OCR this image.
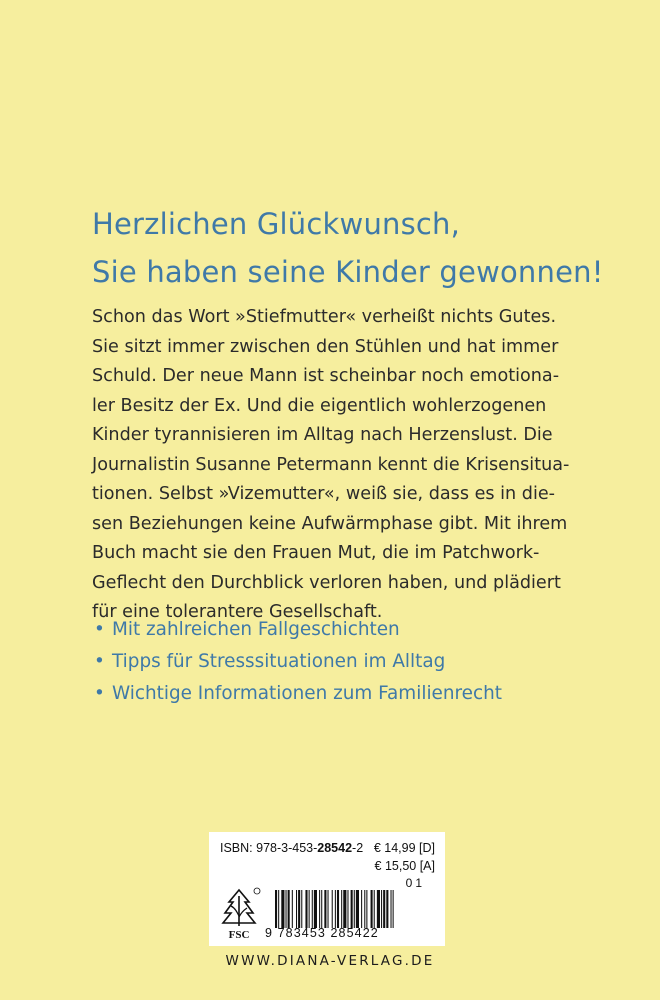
Herzlichen Glückwunsch,
Sie haben seine Kinder gewonnen!
Schon das Wort »Stiefmutter« verheißt nichts Gutes.
Sie sitzt immer zwischen den Stühlen und hat immer
Schuld. Der neue Mann ist scheinbar noch emotiona-
ler Besitz der Ex. Und die eigentlich wohlerzogenen
Kinder tyrannisieren im Alltag nach Herzenslust. Die
Journalistin Susanne Petermann kennt die Krisensitua-
tionen. Selbst »Vizemutter«, weiß sie, dass es in die-
sen Beziehungen keine Aufwärmphase gibt. Mit ihrem
Buch macht sie den Frauen Mut, die im Patchwork-
Geflecht den Durchblick verloren haben, und plädiert
für eine tolerantere Gesellschaft.
• Mit zahlreichen Fallgeschichten
• Tipps für Stresssituationen im Alltag
• Wichtige Informationen zum Familienrecht
ISBN: 978-3-453-28542-2 € 14,99 [D]
€ 15,50 [A]
01
FSC 9 783453 285422
WWW.DIANA-VERLAG.DE
